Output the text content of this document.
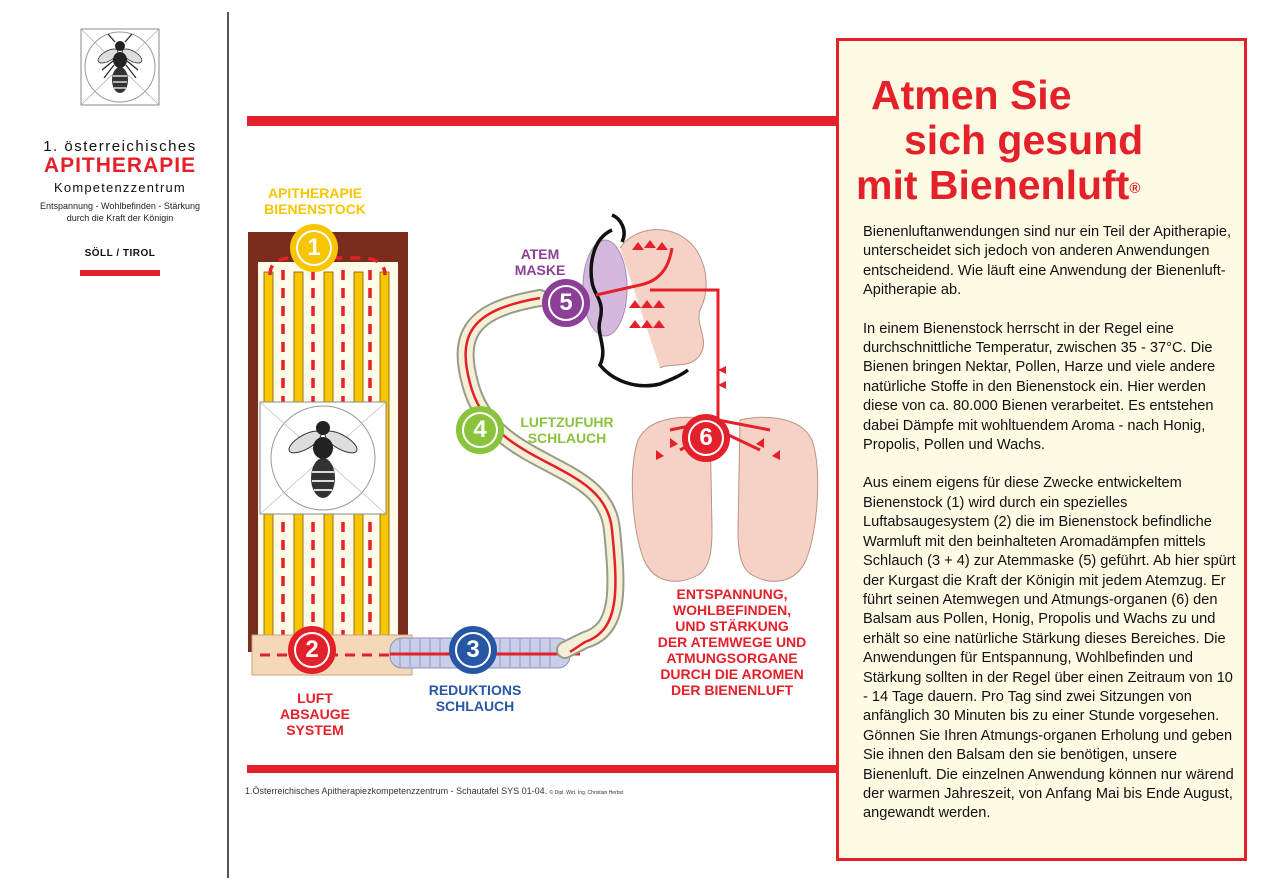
1. österreichisches
APITHERAPIE
Kompetenzzentrum
Entspannung - Wohlbefinden - Stärkung
durch die Kraft der Königin
SÖLL / TIROL	1
2	3
4
5
6
APITHERAPIE
BIENENSTOCK
ATEM
MASKE
LUFTZUFUHR
SCHLAUCH
LUFT
ABSAUGE
SYSTEM
REDUKTIONS
SCHLAUCH
ENTSPANNUNG,
WOHLBEFINDEN,
UND STÄRKUNG
DER ATEMWEGE UND
ATMUNGSORGANE
DURCH DIE AROMEN
DER BIENENLUFT
1.Österreichisches Apitherapiezkompetenzzentrum - Schautafel SYS 01-04. © Dipl. Wirt. Ing. Christian Herbst
Atmen Sie
sich gesund
mit Bienenluft®

Bienenluftanwendungen sind nur ein Teil der Apitherapie, unterscheidet sich jedoch von anderen Anwendungen entscheidend. Wie läuft eine Anwendung der Bienenluft-Apitherapie ab.

In einem Bienenstock herrscht in der Regel eine durchschnittliche Temperatur, zwischen 35 - 37°C. Die Bienen bringen Nektar, Pollen, Harze und viele andere natürliche Stoffe in den Bienenstock ein. Hier werden diese von ca. 80.000 Bienen verarbeitet. Es entstehen dabei Dämpfe mit wohltuendem Aroma - nach Honig, Propolis, Pollen und Wachs.

Aus einem eigens für diese Zwecke entwickeltem Bienenstock (1) wird durch ein spezielles Luftabsaugesystem (2) die im Bienenstock befindliche Warmluft mit den beinhalteten Aromadämpfen mittels Schlauch (3 + 4) zur Atemmaske (5) geführt. Ab hier spürt der Kurgast die Kraft der Königin mit jedem Atemzug. Er führt seinen Atemwegen und Atmungs-organen (6) den Balsam aus Pollen, Honig, Propolis und Wachs zu und erhält so eine natürliche Stärkung dieses Bereiches. Die Anwendungen für Entspannung, Wohlbefinden und Stärkung sollten in der Regel über einen Zeitraum von 10 - 14 Tage dauern. Pro Tag sind zwei Sitzungen von anfänglich 30 Minuten bis zu einer Stunde vorgesehen. Gönnen Sie Ihren Atmungs-organen Erholung und geben Sie ihnen den Balsam den sie benötigen, unsere Bienenluft. Die einzelnen Anwendung können nur wärend der warmen Jahreszeit, von Anfang Mai bis Ende August, angewandt werden.
